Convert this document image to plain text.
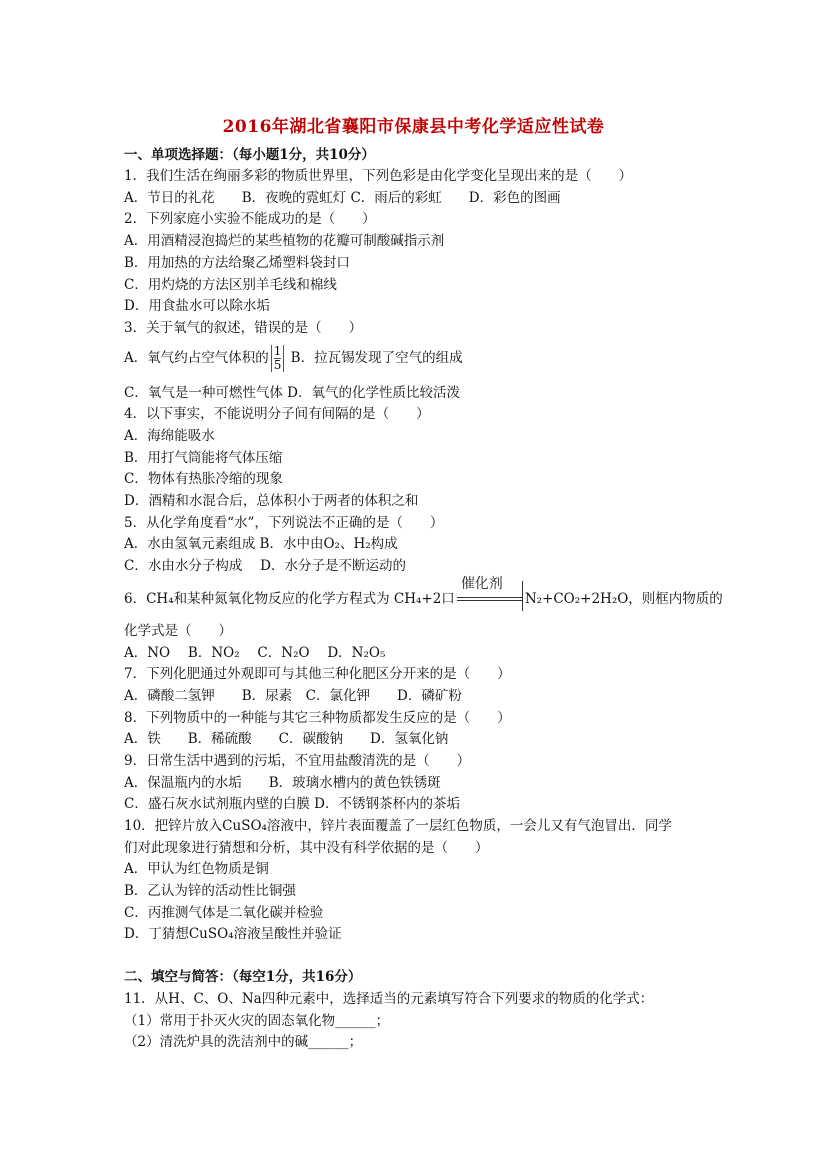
2016年湖北省襄阳市保康县中考化学适应性试卷
一、单项选择题：（每小题1分，共10分）
1．我们生活在绚丽多彩的物质世界里，下列色彩是由化学变化呈现出来的是（　　）
A．节日的礼花　　B．夜晚的霓虹灯 C．雨后的彩虹　　D．彩色的图画
2．下列家庭小实验不能成功的是（　　）
A．用酒精浸泡捣烂的某些植物的花瓣可制酸碱指示剂
B．用加热的方法给聚乙烯塑料袋封口
C．用灼烧的方法区别羊毛线和棉线
D．用食盐水可以除水垢
3．关于氧气的叙述，错误的是（　　）
A．氧气约占空气体积的 $\frac{1}{5}$ B．拉瓦锡发现了空气的组成
C．氧气是一种可燃性气体 D．氧气的化学性质比较活泼
4．以下事实，不能说明分子间有间隔的是（　　）
A．海绵能吸水
B．用打气筒能将气体压缩
C．物体有热胀冷缩的现象
D．酒精和水混合后，总体积小于两者的体积之和
5．从化学角度看“水”，下列说法不正确的是（　　）
A．水由氢氧元素组成 B．水中由O₂、H₂构成
C．水由水分子构成　 D．水分子是不断运动的
6．CH₄和某种氮氧化物反应的化学方程式为 CH₄+2口
催化剂
N₂+CO₂+2H₂O，则框内物质的
化学式是（　　）
A．NO　 B．NO₂　 C．N₂O　 D．N₂O₅
7．下列化肥通过外观即可与其他三种化肥区分开来的是（　　）
A．磷酸二氢钾　　B．尿素　C．氯化钾　　D．磷矿粉
8．下列物质中的一种能与其它三种物质都发生反应的是（　　）
A．铁　　B．稀硫酸　　C．碳酸钠　　D．氢氧化钠
9．日常生活中遇到的污垢，不宜用盐酸清洗的是（　　）
A．保温瓶内的水垢　　B．玻璃水槽内的黄色铁锈斑
C．盛石灰水试剂瓶内壁的白膜 D．不锈钢茶杯内的茶垢
10．把锌片放入CuSO₄溶液中，锌片表面覆盖了一层红色物质，一会儿又有气泡冒出．同学
们对此现象进行猜想和分析，其中没有科学依据的是（　　）
A．甲认为红色物质是铜
B．乙认为锌的活动性比铜强
C．丙推测气体是二氧化碳并检验
D．丁猜想CuSO₄溶液呈酸性并验证
二、填空与简答：（每空1分，共16分）
11．从H、C、O、Na四种元素中，选择适当的元素填写符合下列要求的物质的化学式：
（1）常用于扑灭火灾的固态氧化物______；
（2）清洗炉具的洗洁剂中的碱______；
